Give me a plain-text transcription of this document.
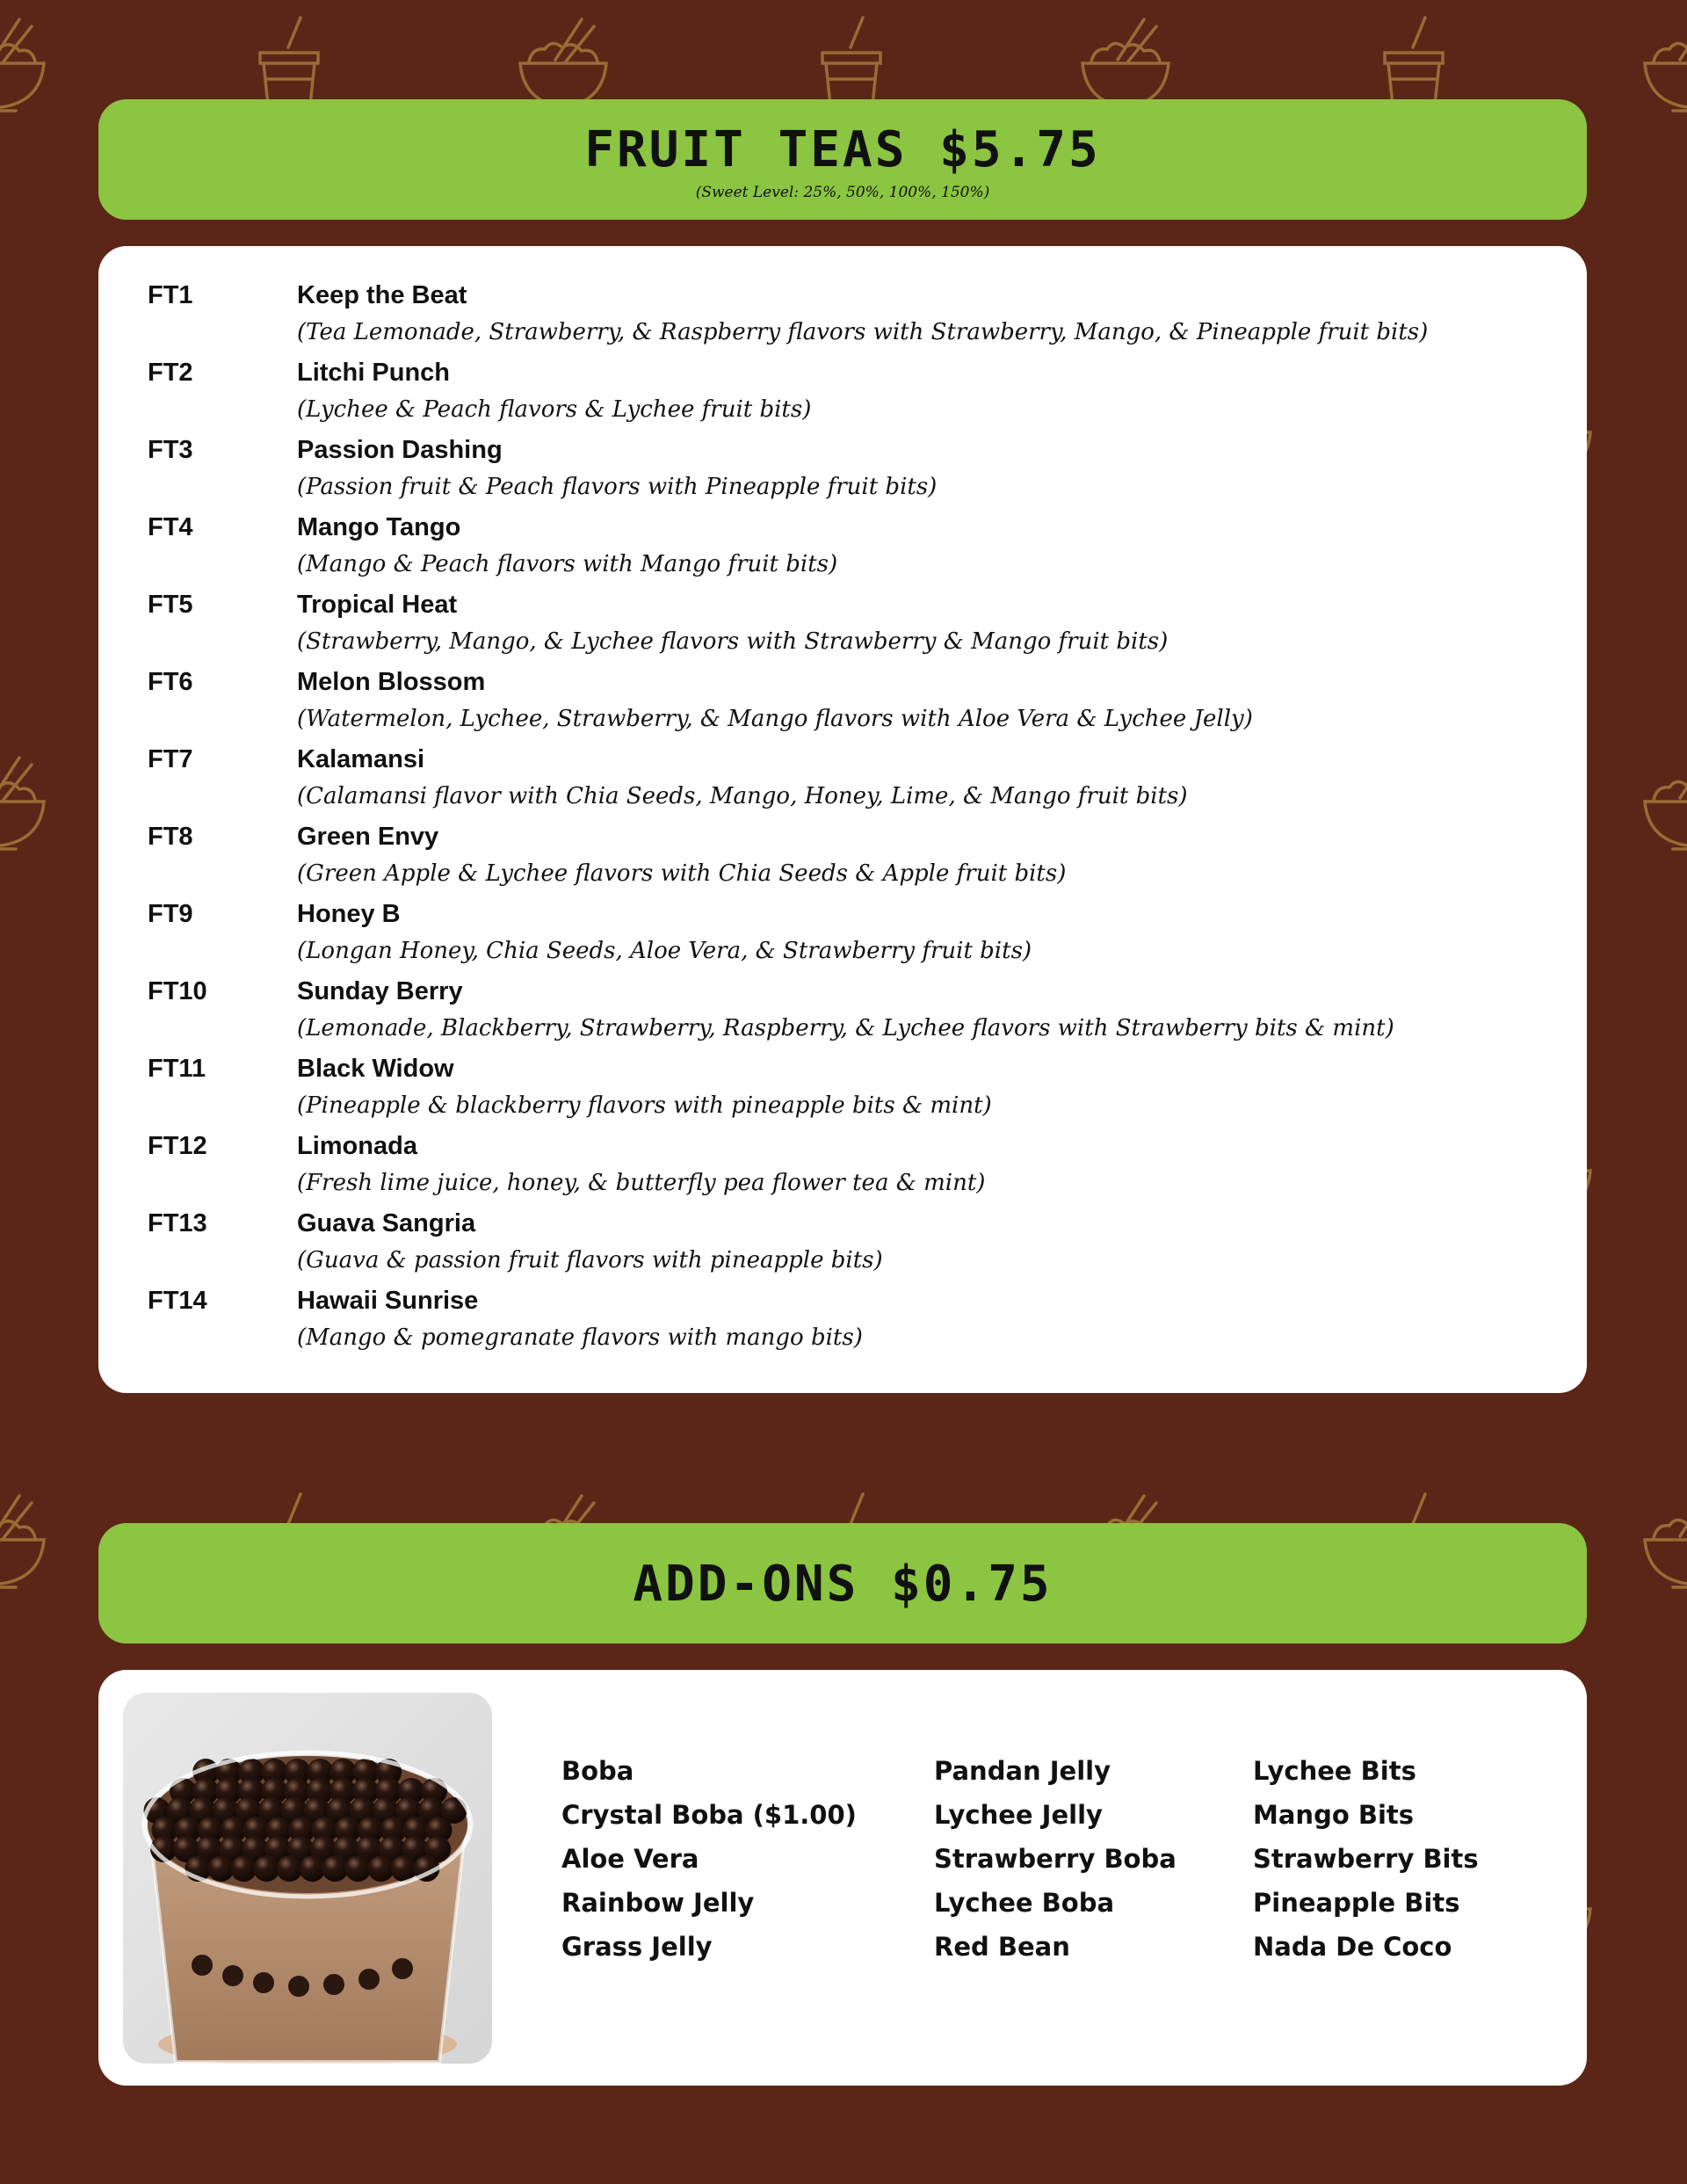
FRUIT TEAS $5.75
(Sweet Level: 25%, 50%, 100%, 150%)
FT1	Keep the Beat
(Tea Lemonade, Strawberry, & Raspberry flavors with Strawberry, Mango, & Pineapple fruit bits)
FT2	Litchi Punch
(Lychee & Peach flavors & Lychee fruit bits)
FT3	Passion Dashing
(Passion fruit & Peach flavors with Pineapple fruit bits)
FT4	Mango Tango
(Mango & Peach flavors with Mango fruit bits)
FT5	Tropical Heat
(Strawberry, Mango, & Lychee flavors with Strawberry & Mango fruit bits)
FT6	Melon Blossom
(Watermelon, Lychee, Strawberry, & Mango flavors with Aloe Vera & Lychee Jelly)
FT7	Kalamansi
(Calamansi flavor with Chia Seeds, Mango, Honey, Lime, & Mango fruit bits)
FT8	Green Envy
(Green Apple & Lychee flavors with Chia Seeds & Apple fruit bits)
FT9	Honey B
(Longan Honey, Chia Seeds, Aloe Vera, & Strawberry fruit bits)
FT10	Sunday Berry
(Lemonade, Blackberry, Strawberry, Raspberry, & Lychee flavors with Strawberry bits & mint)
FT11	Black Widow
(Pineapple & blackberry flavors with pineapple bits & mint)
FT12	Limonada
(Fresh lime juice, honey, & butterfly pea flower tea & mint)
FT13	Guava Sangria
(Guava & passion fruit flavors with pineapple bits)
FT14	Hawaii Sunrise
(Mango & pomegranate flavors with mango bits)
ADD-ONS $0.75
Boba
Crystal Boba ($1.00)
Aloe Vera
Rainbow Jelly
Grass Jelly
Pandan Jelly
Lychee Jelly
Strawberry Boba
Lychee Boba
Red Bean
Lychee Bits
Mango Bits
Strawberry Bits
Pineapple Bits
Nada De Coco
